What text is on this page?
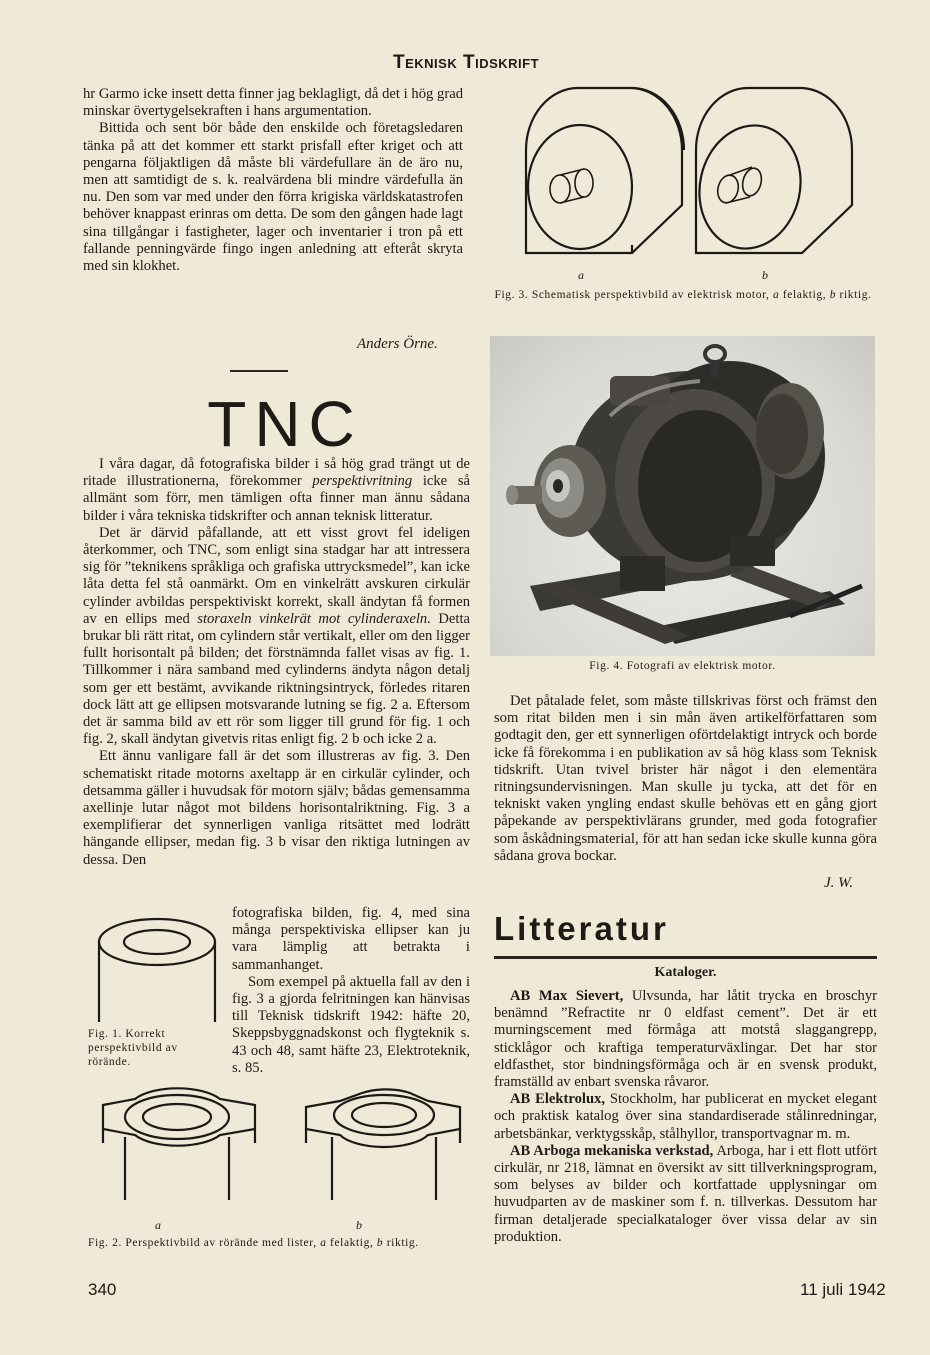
Teknisk Tidskrift

hr Garmo icke insett detta finner jag beklagligt, då det i hög grad minskar övertygelsekraften i hans argumentation.

Bittida och sent bör både den enskilde och företagsledaren tänka på att det kommer ett starkt prisfall efter kriget och att pengarna följaktligen då måste bli värdefullare än de äro nu, men att samtidigt de s. k. realvärdena bli mindre värdefulla än nu. Den som var med under den förra krigiska världskatastrofen behöver knappast erinras om detta. De som den gången hade lagt sina tillgångar i fastigheter, lager och inventarier i tron på ett fallande penningvärde fingo ingen anledning att efteråt skryta med sin klokhet.

Anders Örne.
TNC

I våra dagar, då fotografiska bilder i så hög grad trängt ut de ritade illustrationerna, förekommer perspektivritning icke så allmänt som förr, men tämligen ofta finner man ännu sådana bilder i våra tekniska tidskrifter och annan teknisk litteratur.

Det är därvid påfallande, att ett visst grovt fel ideligen återkommer, och TNC, som enligt sina stadgar har att intressera sig för ”teknikens språkliga och grafiska uttrycksmedel”, kan icke låta detta fel stå oanmärkt. Om en vinkelrätt avskuren cirkulär cylinder avbildas perspektiviskt korrekt, skall ändytan få formen av en ellips med storaxeln vinkelrät mot cylinderaxeln. Detta brukar bli rätt ritat, om cylindern står vertikalt, eller om den ligger fullt horisontalt på bilden; det förstnämnda fallet visas av fig. 1. Tillkommer i nära samband med cylinderns ändyta någon detalj som ger ett bestämt, avvikande riktningsintryck, förledes ritaren dock lätt att ge ellipsen motsvarande lutning se fig. 2 a. Eftersom det är samma bild av ett rör som ligger till grund för fig. 1 och fig. 2, skall ändytan givetvis ritas enligt fig. 2 b och icke 2 a.

Ett ännu vanligare fall är det som illustreras av fig. 3. Den schematiskt ritade motorns axeltapp är en cirkulär cylinder, och detsamma gäller i huvudsak för motorn själv; bådas gemensamma axellinje lutar något mot bildens horisontalriktning. Fig. 3 a exemplifierar det synnerligen vanliga ritsättet med lodrätt hängande ellipser, medan fig. 3 b visar den riktiga lutningen av dessa. Den

fotografiska bilden, fig. 4, med sina många perspektiviska ellipser kan ju vara lämplig att betrakta i sammanhanget.

Som exempel på aktuella fall av den i fig. 3 a gjorda felritningen kan hänvisas till Teknisk tidskrift 1942: häfte 20, Skeppsbyggnadskonst och flygteknik s. 43 och 48, samt häfte 23, Elektroteknik, s. 85.

Fig. 1. Korrekt perspektivbild av rörände.
a	b
Fig. 2. Perspektivbild av rörände med lister, a felaktig, b riktig.
a	b
Fig. 3. Schematisk perspektivbild av elektrisk motor, a felaktig, b riktig.
Fig. 4. Fotografi av elektrisk motor.

Det påtalade felet, som måste tillskrivas först och främst den som ritat bilden men i sin mån även artikelförfattaren som godtagit den, ger ett synnerligen oförtdelaktigt intryck och borde icke få förekomma i en publikation av så hög klass som Teknisk tidskrift. Utan tvivel brister här något i den elementära ritningsundervisningen. Man skulle ju tycka, att det för en tekniskt vaken yngling endast skulle behövas ett en gång gjort påpekande av perspektivlärans grunder, med goda fotografier som åskådningsmaterial, för att han sedan icke skulle kunna göra sådana grova bockar.

J. W.
Litteratur
Kataloger.

AB Max Sievert, Ulvsunda, har låtit trycka en broschyr benämnd ”Refractite nr 0 eldfast cement”. Det är ett murningscement med förmåga att motstå slaggangrepp, sticklågor och kraftiga temperaturväxlingar. Det har stor eldfasthet, stor bindningsförmåga och är en svensk produkt, framställd av enbart svenska råvaror.

AB Elektrolux, Stockholm, har publicerat en mycket elegant och praktisk katalog över sina standardiserade stålinredningar, arbetsbänkar, verktygsskåp, stålhyllor, transportvagnar m. m.

AB Arboga mekaniska verkstad, Arboga, har i ett flott utfört cirkulär, nr 218, lämnat en översikt av sitt tillverkningsprogram, som belyses av bilder och kortfattade upplysningar om huvudparten av de maskiner som f. n. tillverkas. Dessutom har firman detaljerade specialkataloger över vissa delar av sin produktion.

340	11 juli 1942
